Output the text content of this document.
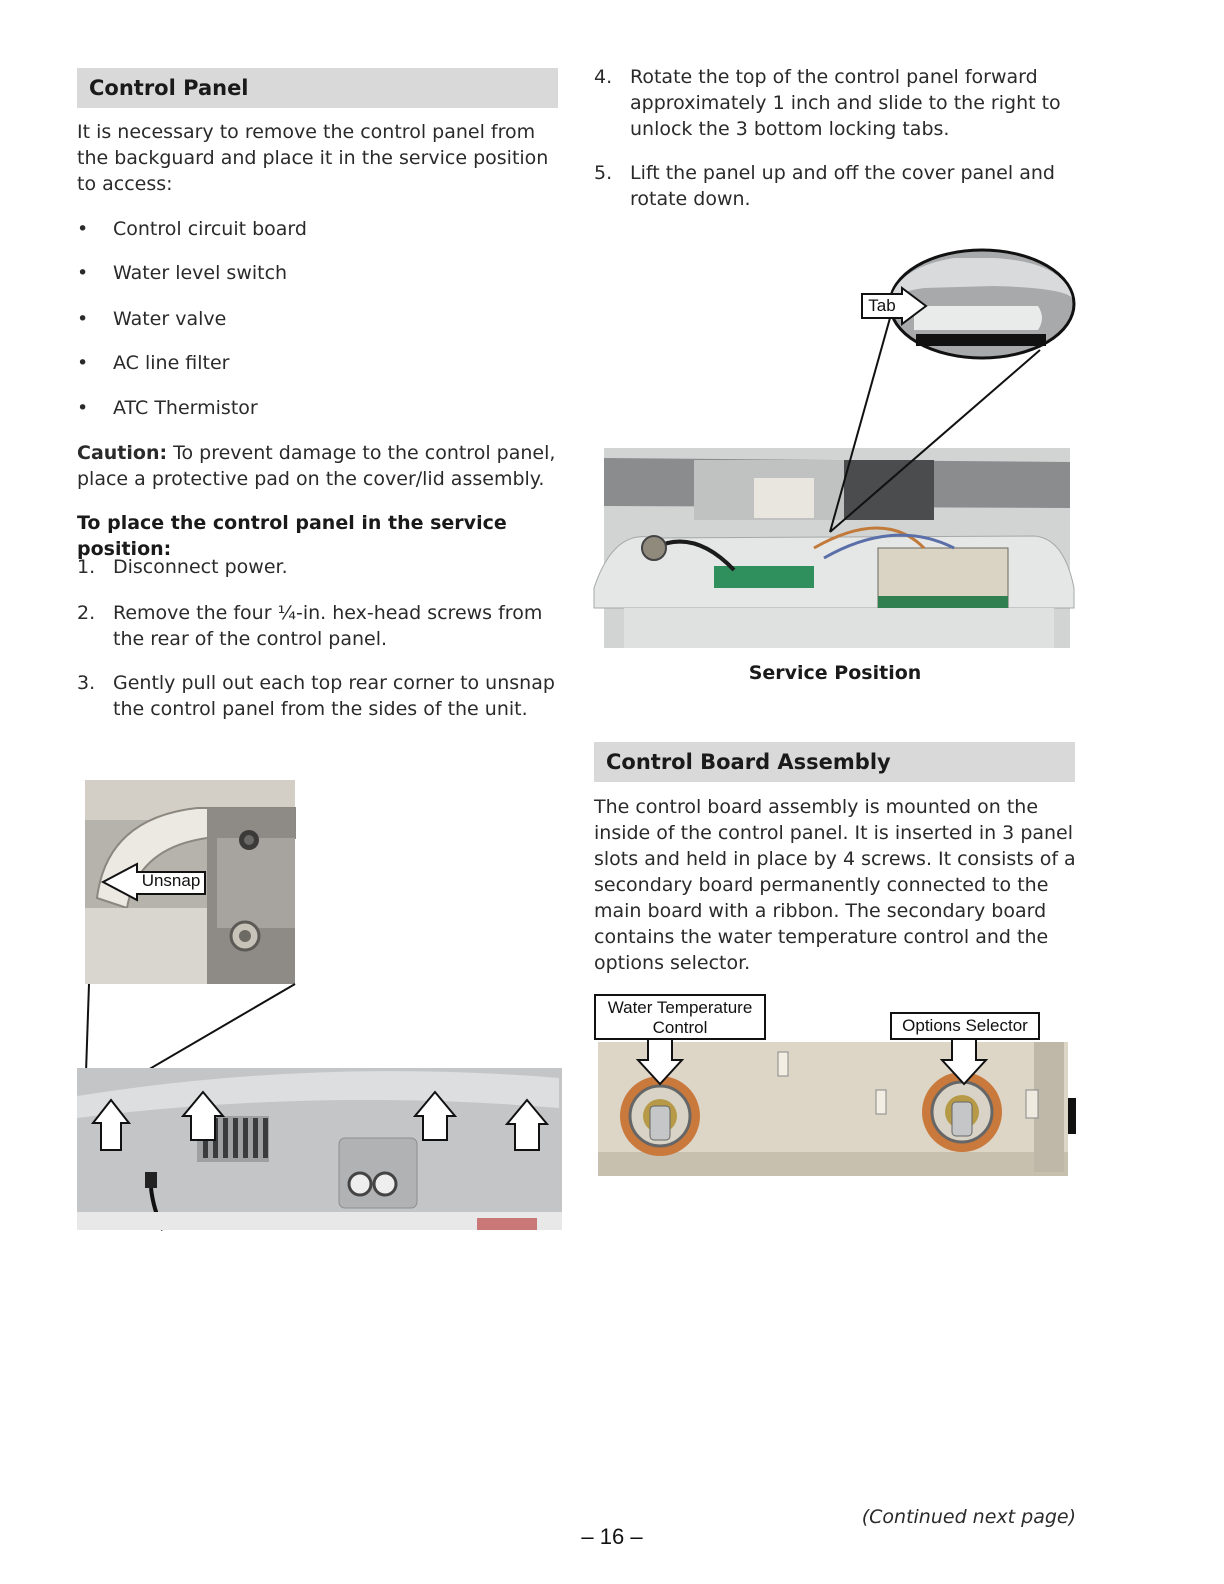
Control Panel
It is necessary to remove the control panel from the backguard and place it in the service position to access:
• Control circuit board
• Water level switch
• Water valve
• AC line filter
• ATC Thermistor
Caution: To prevent damage to the control panel, place a protective pad on the cover/lid assembly.
To place the control panel in the service position:
1. Disconnect power.
2. Remove the four ¼-in. hex-head screws from the rear of the control panel.
3. Gently pull out each top rear corner to unsnap the control panel from the sides of the unit.
Unsnap
4. Rotate the top of the control panel forward approximately 1 inch and slide to the right to unlock the 3 bottom locking tabs.
5. Lift the panel up and off the cover panel and rotate down.
Tab
Service Position
Control Board Assembly
The control board assembly is mounted on the inside of the control panel. It is inserted in 3 panel slots and held in place by 4 screws. It consists of a secondary board permanently connected to the main board with a ribbon. The secondary board contains the water temperature control and the options selector.
Water Temperature Control	Options Selector
(Continued next page)
– 16 –
